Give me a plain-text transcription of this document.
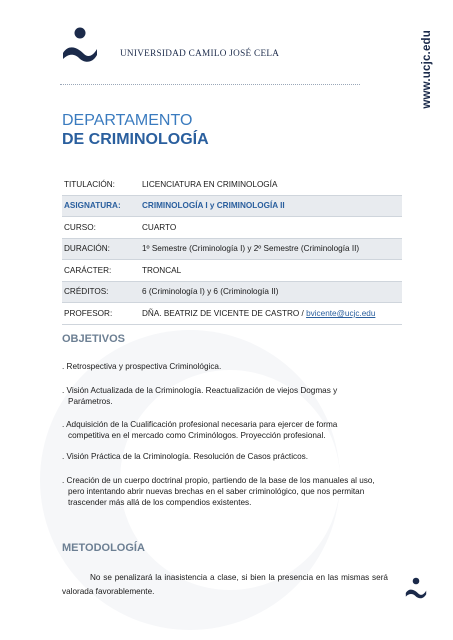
UNIVERSIDAD CAMILO JOSÉ CELA	www.ucjc.edu
DEPARTAMENTO
DE CRIMINOLOGÍA
TITULACIÓN:	LICENCIATURA EN CRIMINOLOGÍA
ASIGNATURA:	CRIMINOLOGÍA I y CRIMINOLOGÍA II
CURSO:	CUARTO
DURACIÓN:	1º Semestre (Criminología I) y 2º Semestre (Criminología II)
CARÁCTER:	TRONCAL
CRÉDITOS:	6 (Criminología I) y 6 (Criminología II)
PROFESOR:	DÑA. BEATRIZ DE VICENTE DE CASTRO / bvicente@ucjc.edu
OBJETIVOS
. Retrospectiva y prospectiva Criminológica.
. Visión Actualizada de la Criminología. Reactualización de viejos Dogmas y
Parámetros.
. Adquisición de la Cualificación profesional necesaria para ejercer de forma
competitiva en el mercado como Criminólogos. Proyección profesional.
. Visión Práctica de la Criminología. Resolución de Casos prácticos.
. Creación de un cuerpo doctrinal propio, partiendo de la base de los manuales al uso,
pero intentando abrir nuevas brechas en el saber criminológico, que nos permitan
trascender más allá de los compendios existentes.
METODOLOGÍA
No se penalizará la inasistencia a clase, si bien la presencia en las mismas será valorada favorablemente.
